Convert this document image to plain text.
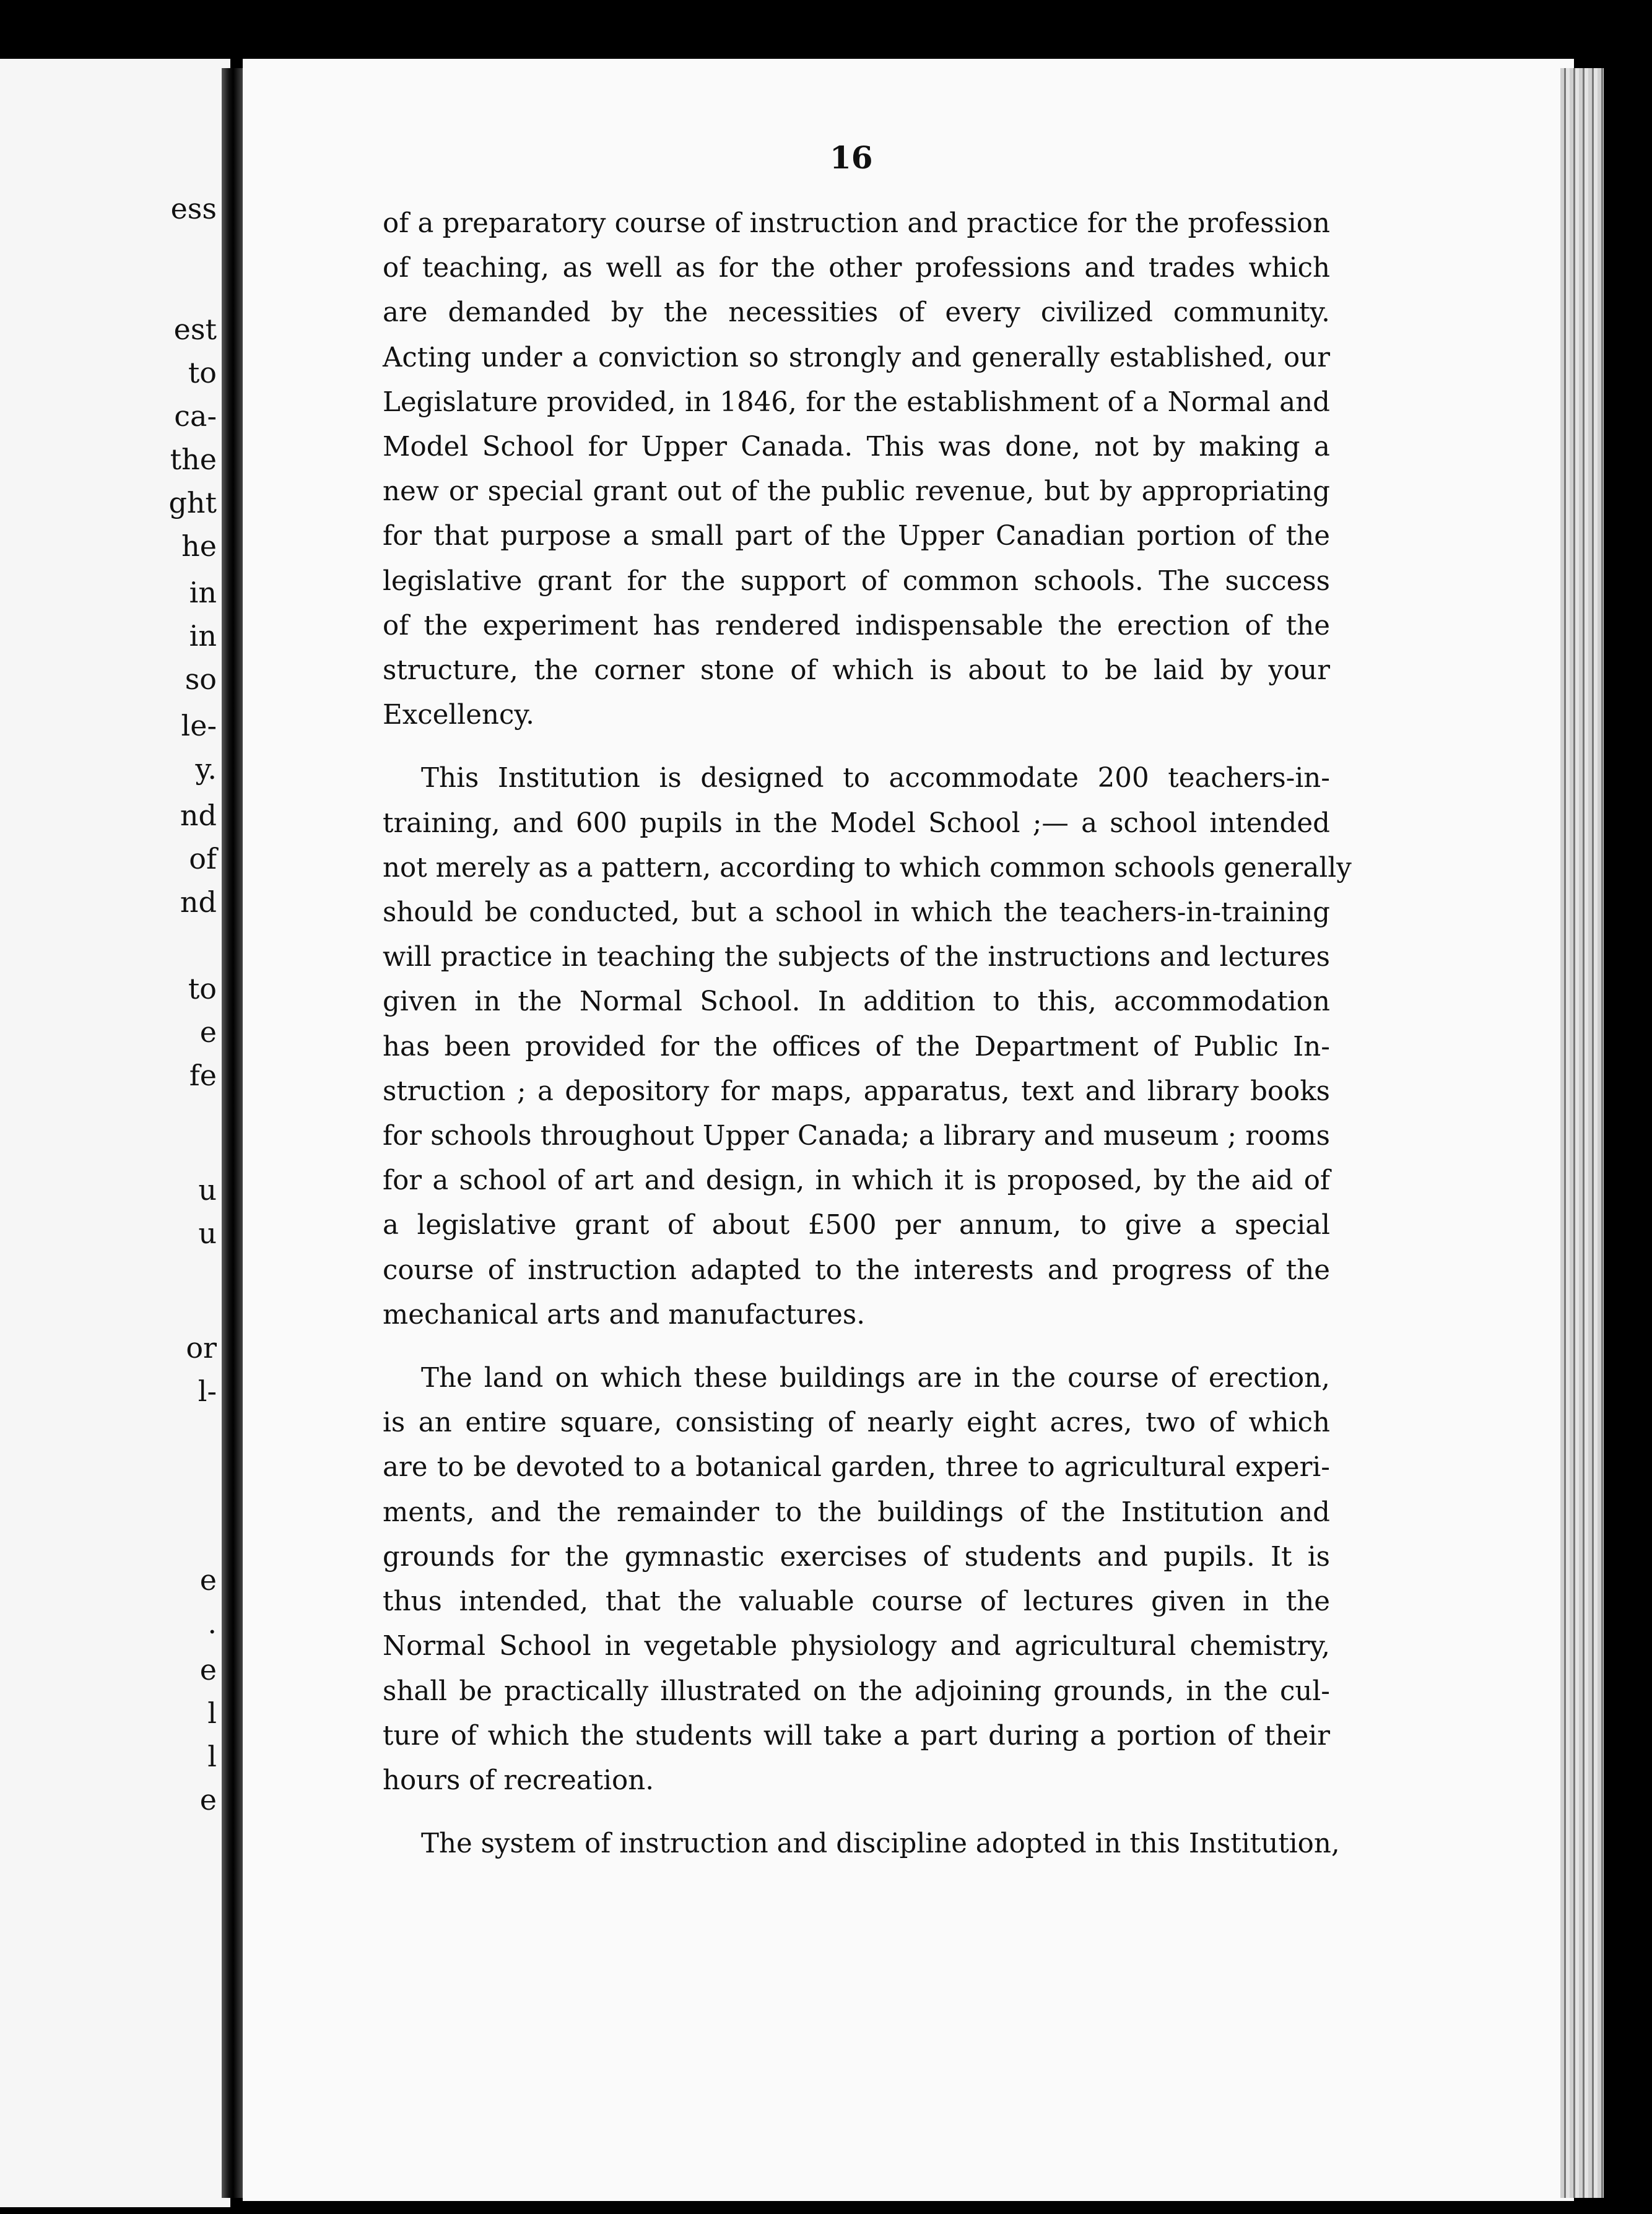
ess
est
to
ca-
the
ght
he
in
in
so
le-
y.
nd
of
nd
to
e
fe
u
u
or
l-
e
.
e
l
l
e
16

of a preparatory course of instruction and practice for the profession
of teaching, as well as for the other professions and trades which
are demanded by the necessities of every civilized community.
Acting under a conviction so strongly and generally established, our
Legislature provided, in 1846, for the establishment of a Normal and
Model School for Upper Canada. This was done, not by making a
new or special grant out of the public revenue, but by appropriating
for that purpose a small part of the Upper Canadian portion of the
legislative grant for the support of common schools. The success
of the experiment has rendered indispensable the erection of the
structure, the corner stone of which is about to be laid by your
Excellency.

This Institution is designed to accommodate 200 teachers-in-
training, and 600 pupils in the Model School ;— a school intended
not merely as a pattern, according to which common schools generally
should be conducted, but a school in which the teachers-in-training
will practice in teaching the subjects of the instructions and lectures
given in the Normal School. In addition to this, accommodation
has been provided for the offices of the Department of Public In-
struction ; a depository for maps, apparatus, text and library books
for schools throughout Upper Canada; a library and museum ; rooms
for a school of art and design, in which it is proposed, by the aid of
a legislative grant of about £500 per annum, to give a special
course of instruction adapted to the interests and progress of the
mechanical arts and manufactures.

The land on which these buildings are in the course of erection,
is an entire square, consisting of nearly eight acres, two of which
are to be devoted to a botanical garden, three to agricultural experi-
ments, and the remainder to the buildings of the Institution and
grounds for the gymnastic exercises of students and pupils. It is
thus intended, that the valuable course of lectures given in the
Normal School in vegetable physiology and agricultural chemistry,
shall be practically illustrated on the adjoining grounds, in the cul-
ture of which the students will take a part during a portion of their
hours of recreation.

The system of instruction and discipline adopted in this Institution,
